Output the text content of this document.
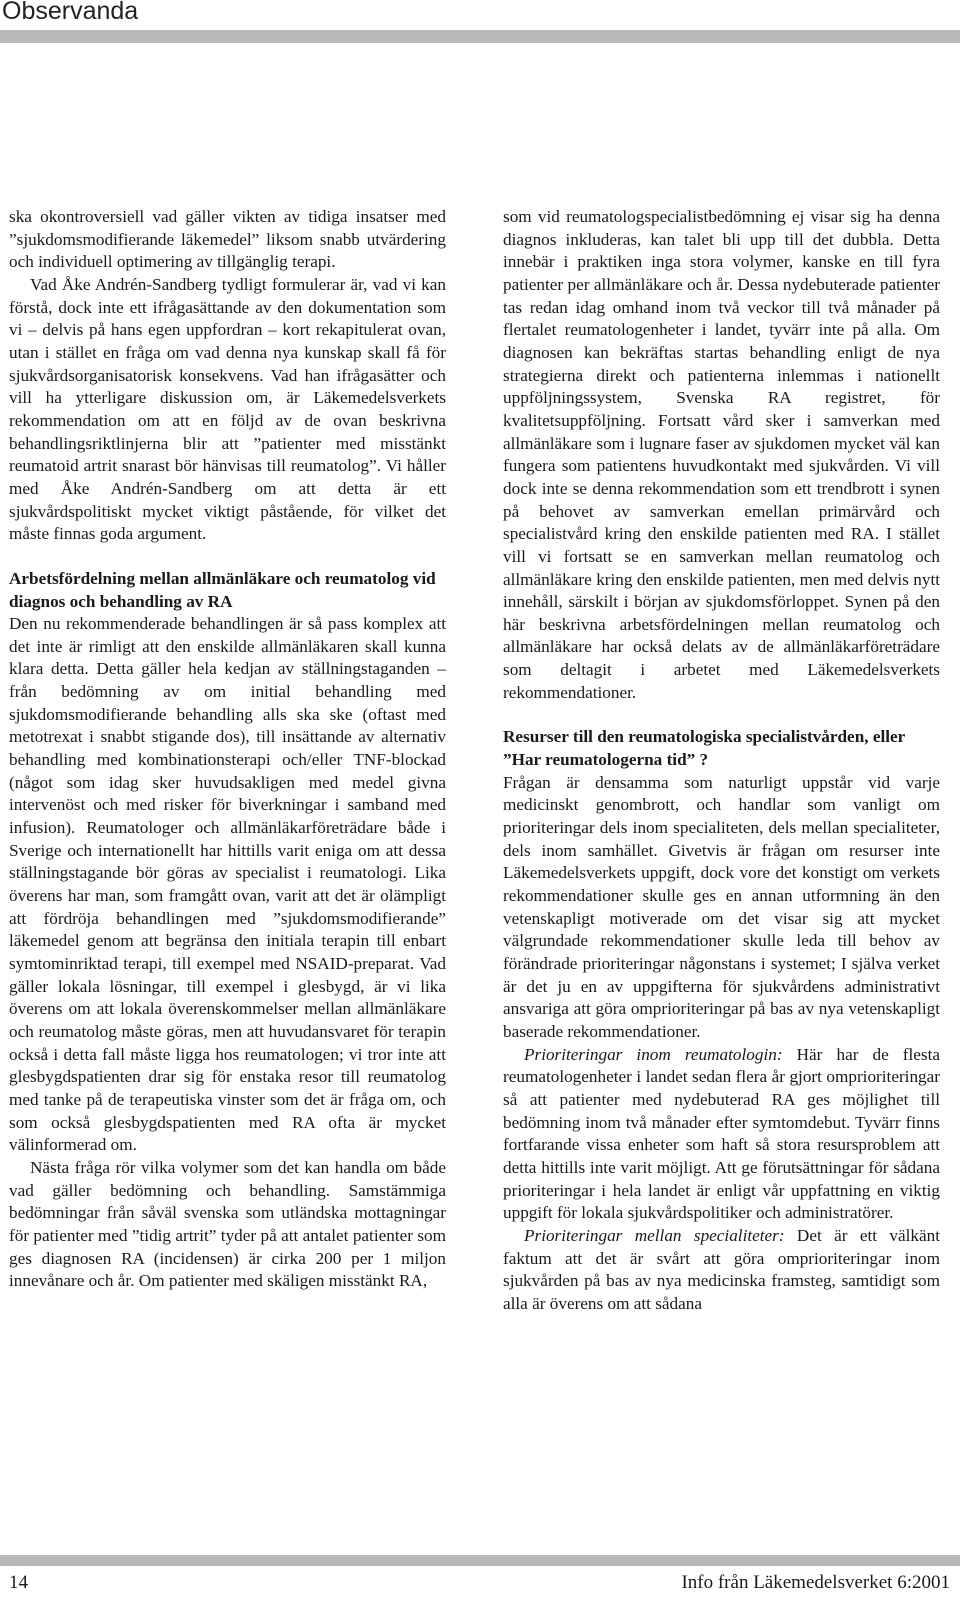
Observanda

ska okontroversiell vad gäller vikten av tidiga insatser med ”sjukdomsmodifierande läkemedel” liksom snabb utvärdering och individuell optimering av tillgänglig terapi.

Vad Åke Andrén-Sandberg tydligt formulerar är, vad vi kan förstå, dock inte ett ifrågasättande av den dokumentation som vi – delvis på hans egen uppfordran – kort rekapitulerat ovan, utan i stället en fråga om vad denna nya kunskap skall få för sjukvårdsorganisatorisk konsekvens. Vad han ifrågasätter och vill ha ytterligare diskussion om, är Läkemedelsverkets rekommendation om att en följd av de ovan beskrivna behandlingsriktlinjerna blir att ”patienter med misstänkt reumatoid artrit snarast bör hänvisas till reumatolog”. Vi håller med Åke Andrén-Sandberg om att detta är ett sjukvårdspolitiskt mycket viktigt påstående, för vilket det måste finnas goda argument.

Arbetsfördelning mellan allmänläkare och reumatolog vid diagnos och behandling av RA

Den nu rekommenderade behandlingen är så pass komplex att det inte är rimligt att den enskilde allmänläkaren skall kunna klara detta. Detta gäller hela kedjan av ställningstaganden – från bedömning av om initial behandling med sjukdomsmodifierande behandling alls ska ske (oftast med metotrexat i snabbt stigande dos), till insättande av alternativ behandling med kombinationsterapi och/eller TNF-blockad (något som idag sker huvudsakligen med medel givna intervenöst och med risker för biverkningar i samband med infusion). Reumatologer och allmänläkarföreträdare både i Sverige och internationellt har hittills varit eniga om att dessa ställningstagande bör göras av specialist i reumatologi. Lika överens har man, som framgått ovan, varit att det är olämpligt att fördröja behandlingen med ”sjukdomsmodifierande” läkemedel genom att begränsa den initiala terapin till enbart symtominriktad terapi, till exempel med NSAID-preparat. Vad gäller lokala lösningar, till exempel i glesbygd, är vi lika överens om att lokala överenskommelser mellan allmänläkare och reumatolog måste göras, men att huvudansvaret för terapin också i detta fall måste ligga hos reumatologen; vi tror inte att glesbygdspatienten drar sig för enstaka resor till reumatolog med tanke på de terapeutiska vinster som det är fråga om, och som också glesbygdspatienten med RA ofta är mycket välinformerad om.

Nästa fråga rör vilka volymer som det kan handla om både vad gäller bedömning och behandling. Samstämmiga bedömningar från såväl svenska som utländska mottagningar för patienter med ”tidig artrit” tyder på att antalet patienter som ges diagnosen RA (incidensen) är cirka 200 per 1 miljon innevånare och år. Om patienter med skäligen misstänkt RA,

som vid reumatologspecialistbedömning ej visar sig ha denna diagnos inkluderas, kan talet bli upp till det dubbla. Detta innebär i praktiken inga stora volymer, kanske en till fyra patienter per allmänläkare och år. Dessa nydebuterade patienter tas redan idag omhand inom två veckor till två månader på flertalet reumatologenheter i landet, tyvärr inte på alla. Om diagnosen kan bekräftas startas behandling enligt de nya strategierna direkt och patienterna inlemmas i nationellt uppföljningssystem, Svenska RA registret, för kvalitetsuppföljning. Fortsatt vård sker i samverkan med allmänläkare som i lugnare faser av sjukdomen mycket väl kan fungera som patientens huvudkontakt med sjukvården. Vi vill dock inte se denna rekommendation som ett trendbrott i synen på behovet av samverkan emellan primärvård och specialistvård kring den enskilde patienten med RA. I stället vill vi fortsatt se en samverkan mellan reumatolog och allmänläkare kring den enskilde patienten, men med delvis nytt innehåll, särskilt i början av sjukdomsförloppet. Synen på den här beskrivna arbetsfördelningen mellan reumatolog och allmänläkare har också delats av de allmänläkarföreträdare som deltagit i arbetet med Läkemedelsverkets rekommendationer.

Resurser till den reumatologiska specialistvården, eller ”Har reumatologerna tid” ?

Frågan är densamma som naturligt uppstår vid varje medicinskt genombrott, och handlar som vanligt om prioriteringar dels inom specialiteten, dels mellan specialiteter, dels inom samhället. Givetvis är frågan om resurser inte Läkemedelsverkets uppgift, dock vore det konstigt om verkets rekommendationer skulle ges en annan utformning än den vetenskapligt motiverade om det visar sig att mycket välgrundade rekommendationer skulle leda till behov av förändrade prioriteringar någonstans i systemet; I själva verket är det ju en av uppgifterna för sjukvårdens administrativt ansvariga att göra omprioriteringar på bas av nya vetenskapligt baserade rekommendationer.

Prioriteringar inom reumatologin: Här har de flesta reumatologenheter i landet sedan flera år gjort omprioriteringar så att patienter med nydebuterad RA ges möjlighet till bedömning inom två månader efter symtomdebut. Tyvärr finns fortfarande vissa enheter som haft så stora resursproblem att detta hittills inte varit möjligt. Att ge förutsättningar för sådana prioriteringar i hela landet är enligt vår uppfattning en viktig uppgift för lokala sjukvårdspolitiker och administratörer.

Prioriteringar mellan specialiteter: Det är ett välkänt faktum att det är svårt att göra omprioriteringar inom sjukvården på bas av nya medicinska framsteg, samtidigt som alla är överens om att sådana

14	Info från Läkemedelsverket 6:2001
